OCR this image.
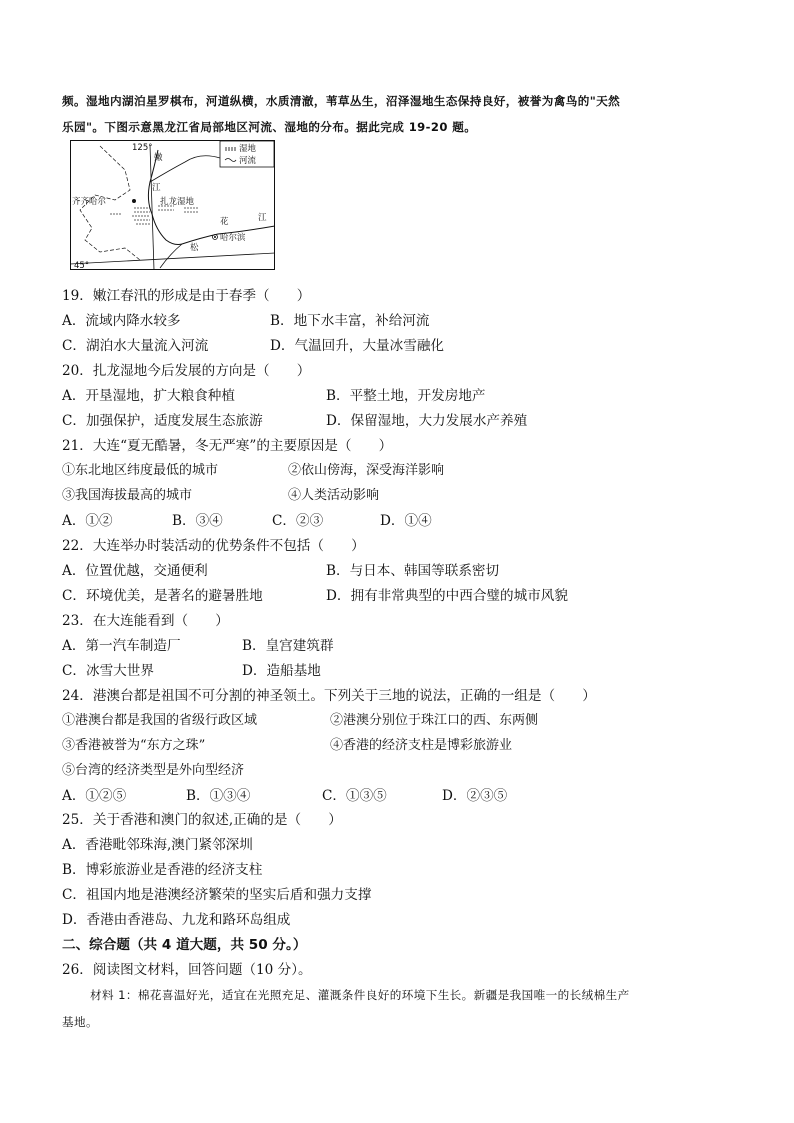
频。湿地内湖泊星罗棋布，河道纵横，水质清澈，苇草丛生，沼泽湿地生态保持良好，被誉为禽鸟的"天然
乐园"。下图示意黑龙江省局部地区河流、湿地的分布。据此完成 19-20 题。
湿地
河流
125°
45°
嫩
江
齐齐哈尔	扎龙湿地
花	江
松
哈尔滨
19．嫩江春汛的形成是由于春季（　　）
A．流域内降水较多	B．地下水丰富，补给河流
C．湖泊水大量流入河流	D．气温回升，大量冰雪融化
20．扎龙湿地今后发展的方向是（　　）
A．开垦湿地，扩大粮食种植	B．平整土地，开发房地产
C．加强保护，适度发展生态旅游	D．保留湿地，大力发展水产养殖
21．大连“夏无酷暑，冬无严寒”的主要原因是（　　）
①东北地区纬度最低的城市	②依山傍海，深受海洋影响
③我国海拔最高的城市	④人类活动影响
A．①②	B．③④	C．②③	D．①④
22．大连举办时装活动的优势条件不包括（　　）
A．位置优越，交通便利	B．与日本、韩国等联系密切
C．环境优美，是著名的避暑胜地	D．拥有非常典型的中西合璧的城市风貌
23．在大连能看到（　　）
A．第一汽车制造厂	B．皇宫建筑群
C．冰雪大世界	D．造船基地
24．港澳台都是祖国不可分割的神圣领土。下列关于三地的说法，正确的一组是（　　）
①港澳台都是我国的省级行政区域	②港澳分别位于珠江口的西、东两侧
③香港被誉为“东方之珠”	④香港的经济支柱是博彩旅游业
⑤台湾的经济类型是外向型经济
A．①②⑤	B．①③④	C．①③⑤	D．②③⑤
25．关于香港和澳门的叙述,正确的是（　　）
A．香港毗邻珠海,澳门紧邻深圳
B．博彩旅游业是香港的经济支柱
C．祖国内地是港澳经济繁荣的坚实后盾和强力支撑
D．香港由香港岛、九龙和路环岛组成
二、综合题（共 4 道大题，共 50 分。）
26．阅读图文材料，回答问题（10 分）。
材料 1：棉花喜温好光，适宜在光照充足、灌溉条件良好的环境下生长。新疆是我国唯一的长绒棉生产
基地。
